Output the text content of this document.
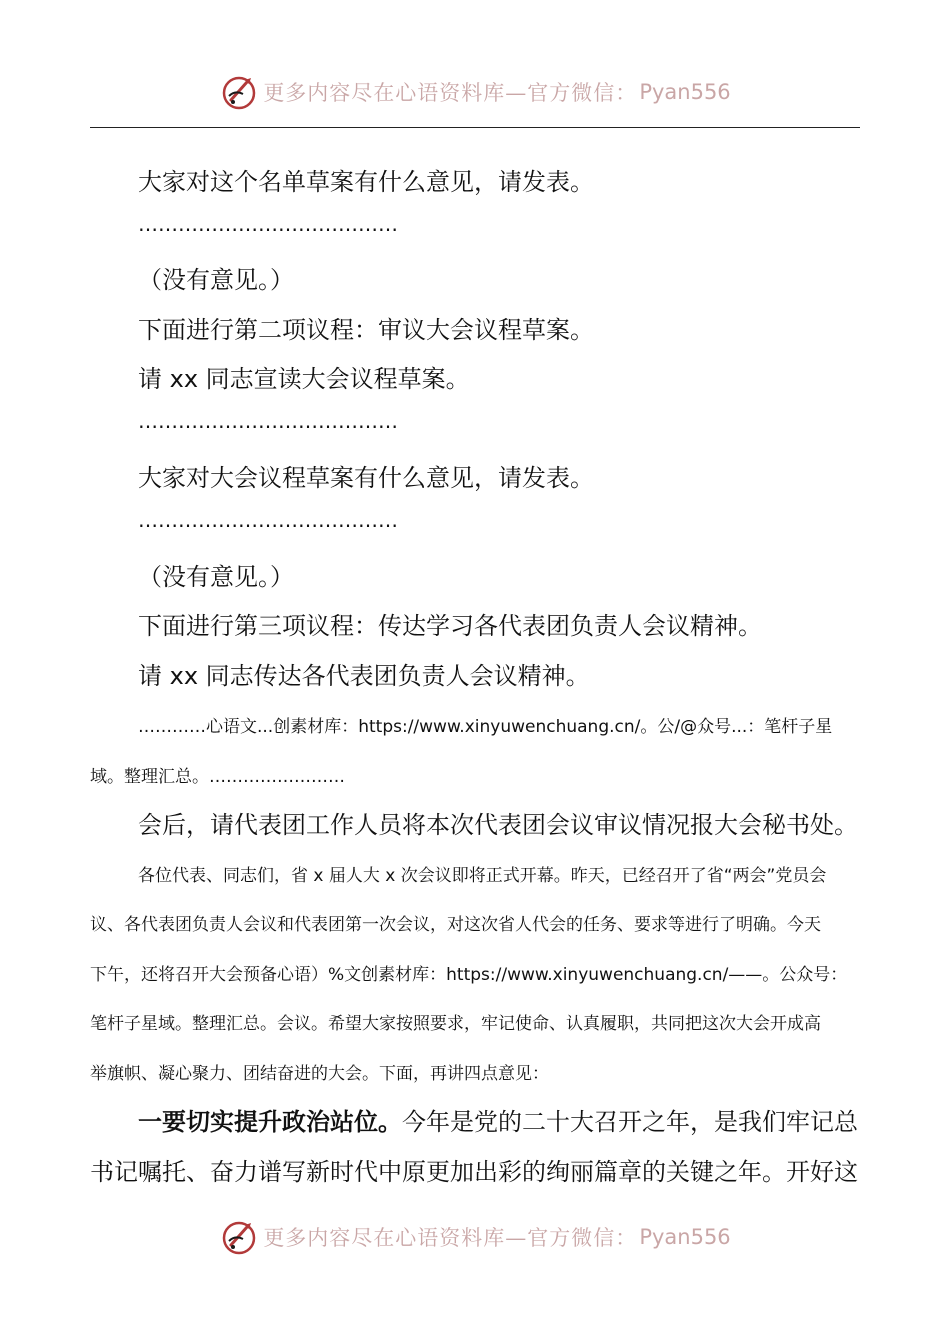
更多内容尽在心语资料库—官方微信： Pyan556

大家对这个名单草案有什么意见，请发表。

…………………………………

（没有意见。）

下面进行第二项议程：审议大会议程草案。

请 xx 同志宣读大会议程草案。

…………………………………

大家对大会议程草案有什么意见，请发表。

…………………………………

（没有意见。）

下面进行第三项议程：传达学习各代表团负责人会议精神。

请 xx 同志传达各代表团负责人会议精神。

…………心语文...创素材库：https://www.xinyuwenchuang.cn/。公/@众号...：笔杆子星

域。整理汇总。……………………

会后，请代表团工作人员将本次代表团会议审议情况报大会秘书处。

各位代表、同志们，省 x 届人大 x 次会议即将正式开幕。昨天，已经召开了省“两会”党员会

议、各代表团负责人会议和代表团第一次会议，对这次省人代会的任务、要求等进行了明确。今天

下午，还将召开大会预备心语）%文创素材库：https://www.xinyuwenchuang.cn/——。公众号：

笔杆子星域。整理汇总。会议。希望大家按照要求，牢记使命、认真履职，共同把这次大会开成高

举旗帜、凝心聚力、团结奋进的大会。下面，再讲四点意见：

一要切实提升政治站位。今年是党的二十大召开之年，是我们牢记总

书记嘱托、奋力谱写新时代中原更加出彩的绚丽篇章的关键之年。开好这

更多内容尽在心语资料库—官方微信： Pyan556
